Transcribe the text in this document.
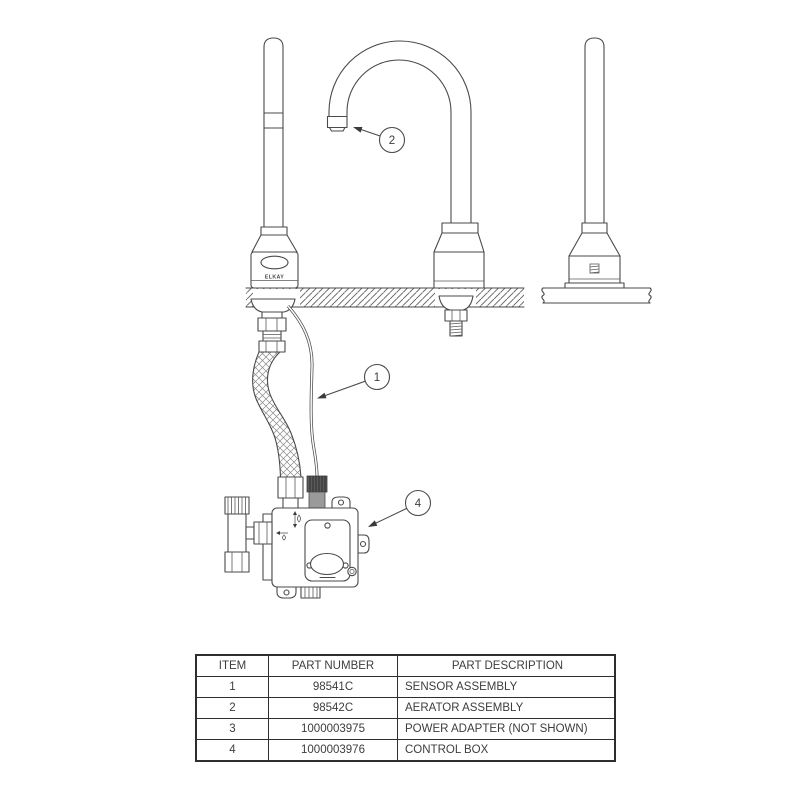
ELKAY
2
1
4
ITEM	PART NUMBER	PART DESCRIPTION
1	98541C	SENSOR ASSEMBLY
2	98542C	AERATOR ASSEMBLY
3	1000003975	POWER ADAPTER (NOT SHOWN)
4	1000003976	CONTROL BOX
